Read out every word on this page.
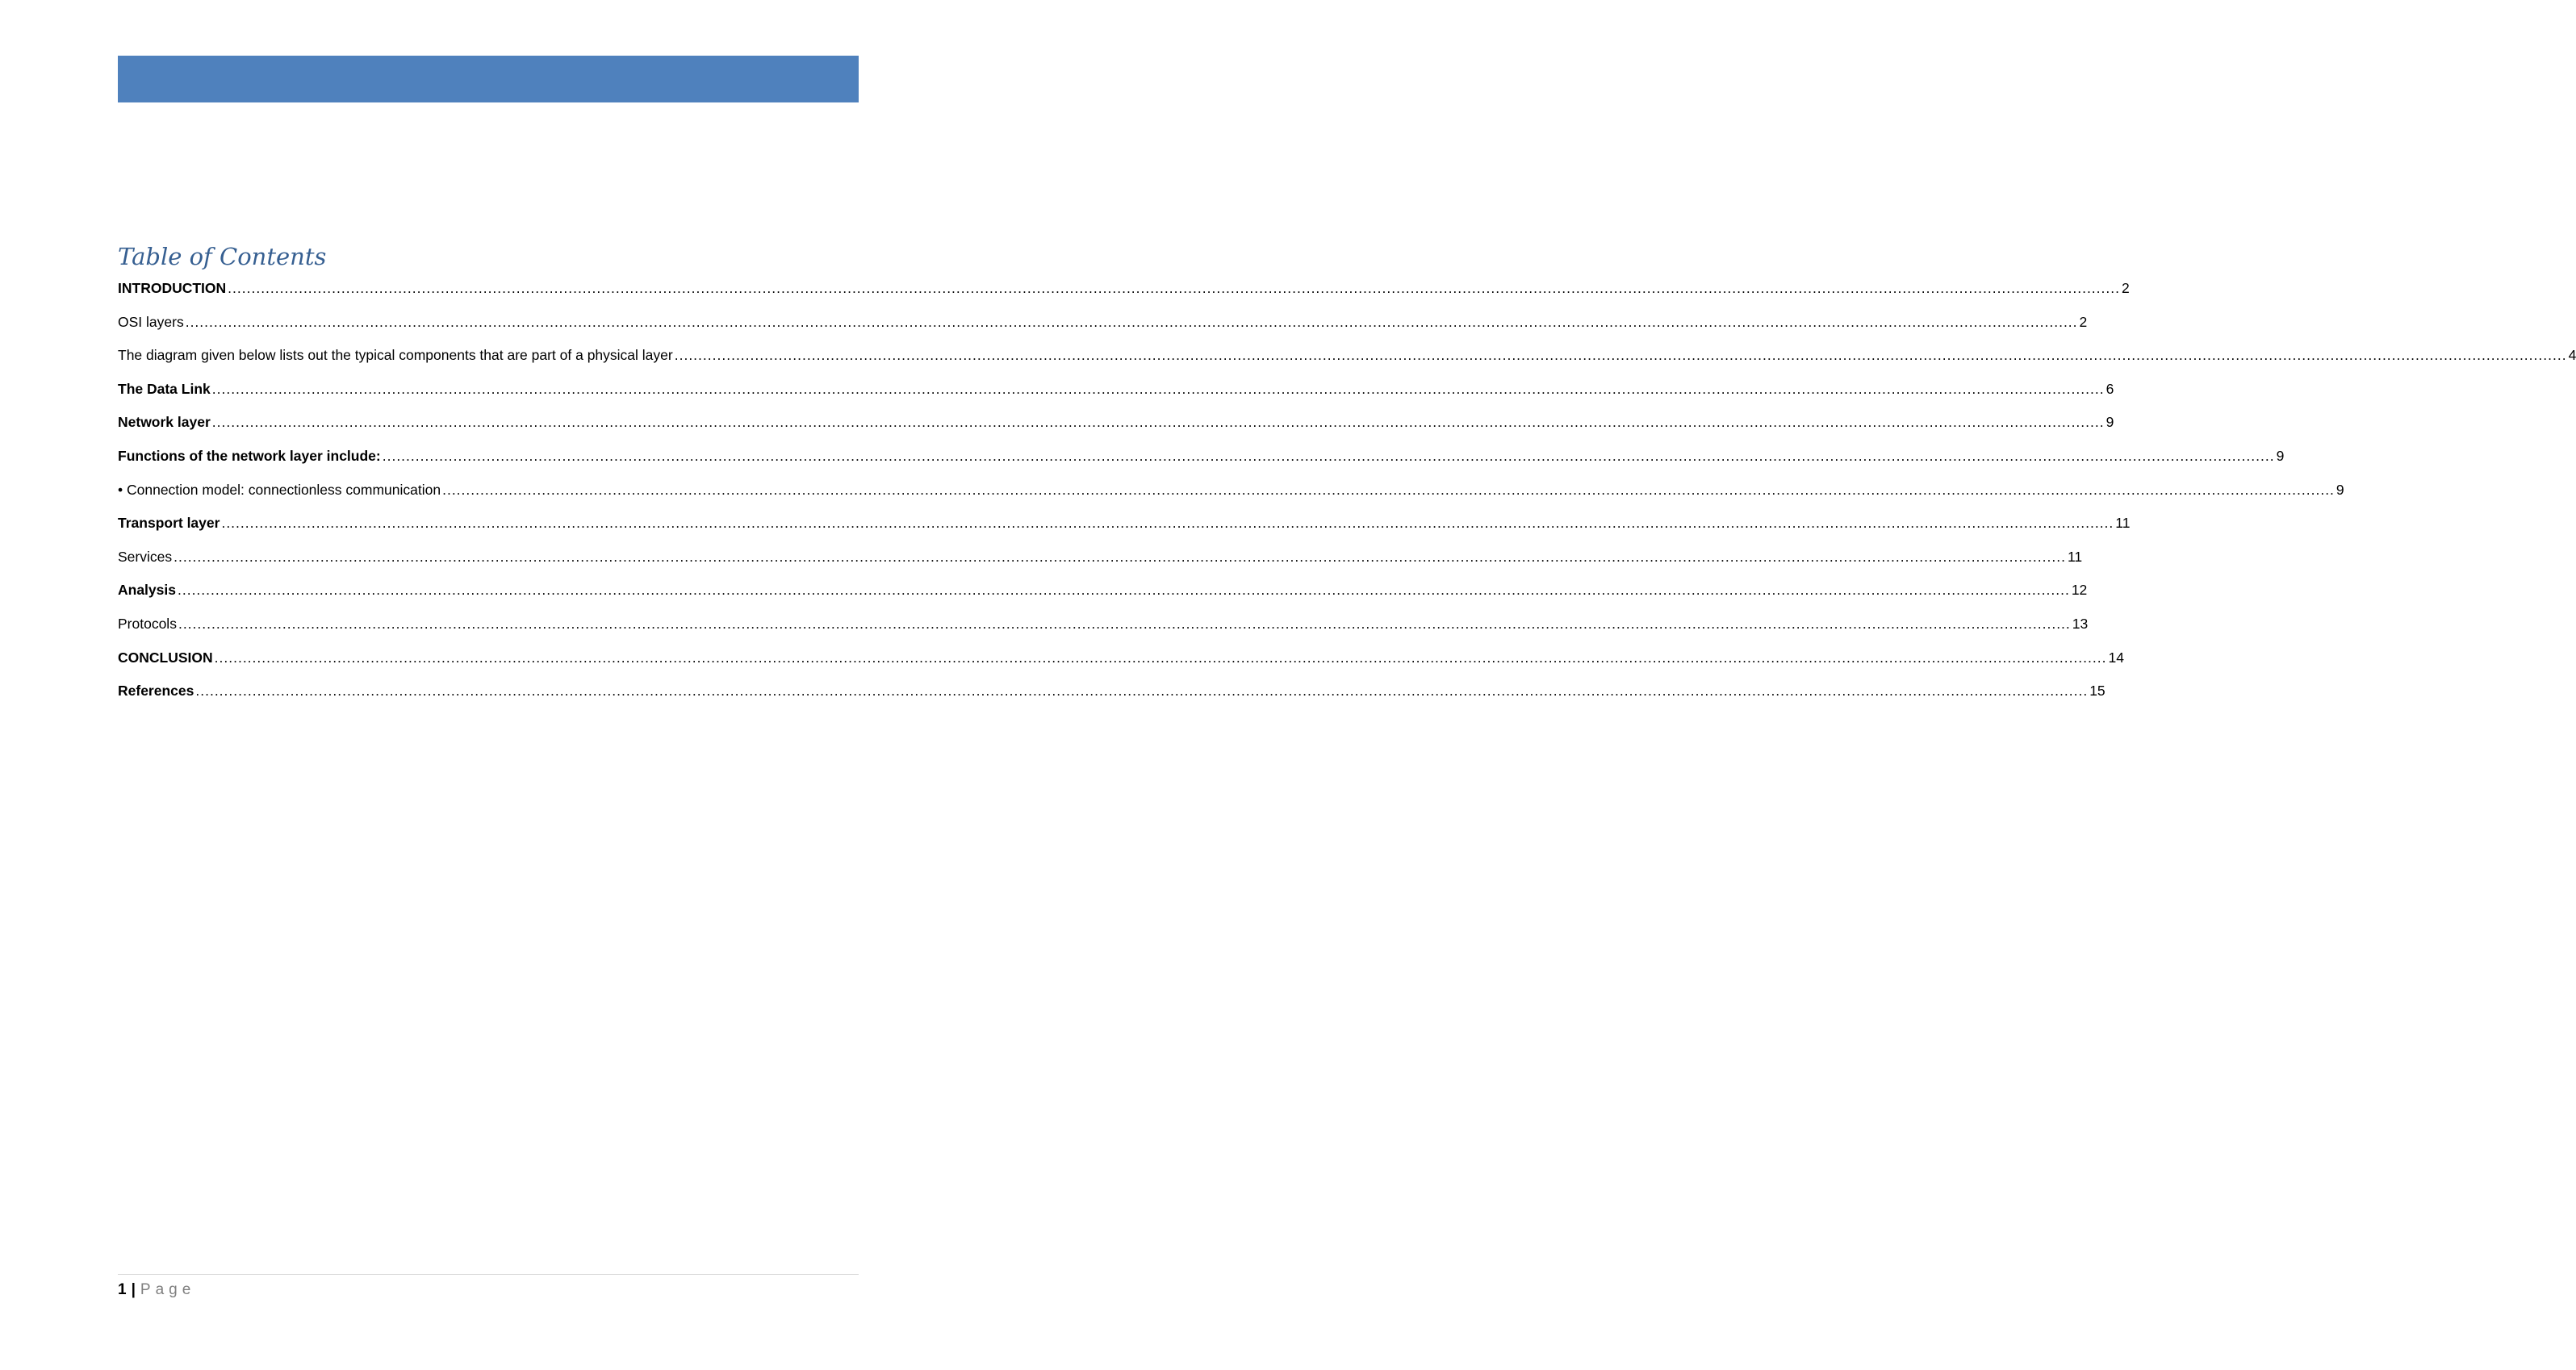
Table of Contents
INTRODUCTION ................................................................................................................................................................................................................................................................................................................................................................................................................ 2
OSI layers ................................................................................................................................................................................................................................................................................................................................................................................................................ 2
The diagram given below lists out the typical components that are part of a physical layer ................................................................................................................................................................................................................................................................................................................................................................................................................ 4
The Data Link ................................................................................................................................................................................................................................................................................................................................................................................................................ 6
Network layer ................................................................................................................................................................................................................................................................................................................................................................................................................ 9
Functions of the network layer include: ................................................................................................................................................................................................................................................................................................................................................................................................................ 9
• Connection model: connectionless communication ................................................................................................................................................................................................................................................................................................................................................................................................................ 9
Transport layer ................................................................................................................................................................................................................................................................................................................................................................................................................ 11
Services ................................................................................................................................................................................................................................................................................................................................................................................................................ 11
Analysis ................................................................................................................................................................................................................................................................................................................................................................................................................ 12
Protocols ................................................................................................................................................................................................................................................................................................................................................................................................................ 13
CONCLUSION ................................................................................................................................................................................................................................................................................................................................................................................................................ 14
References ................................................................................................................................................................................................................................................................................................................................................................................................................ 15
1 | Page
